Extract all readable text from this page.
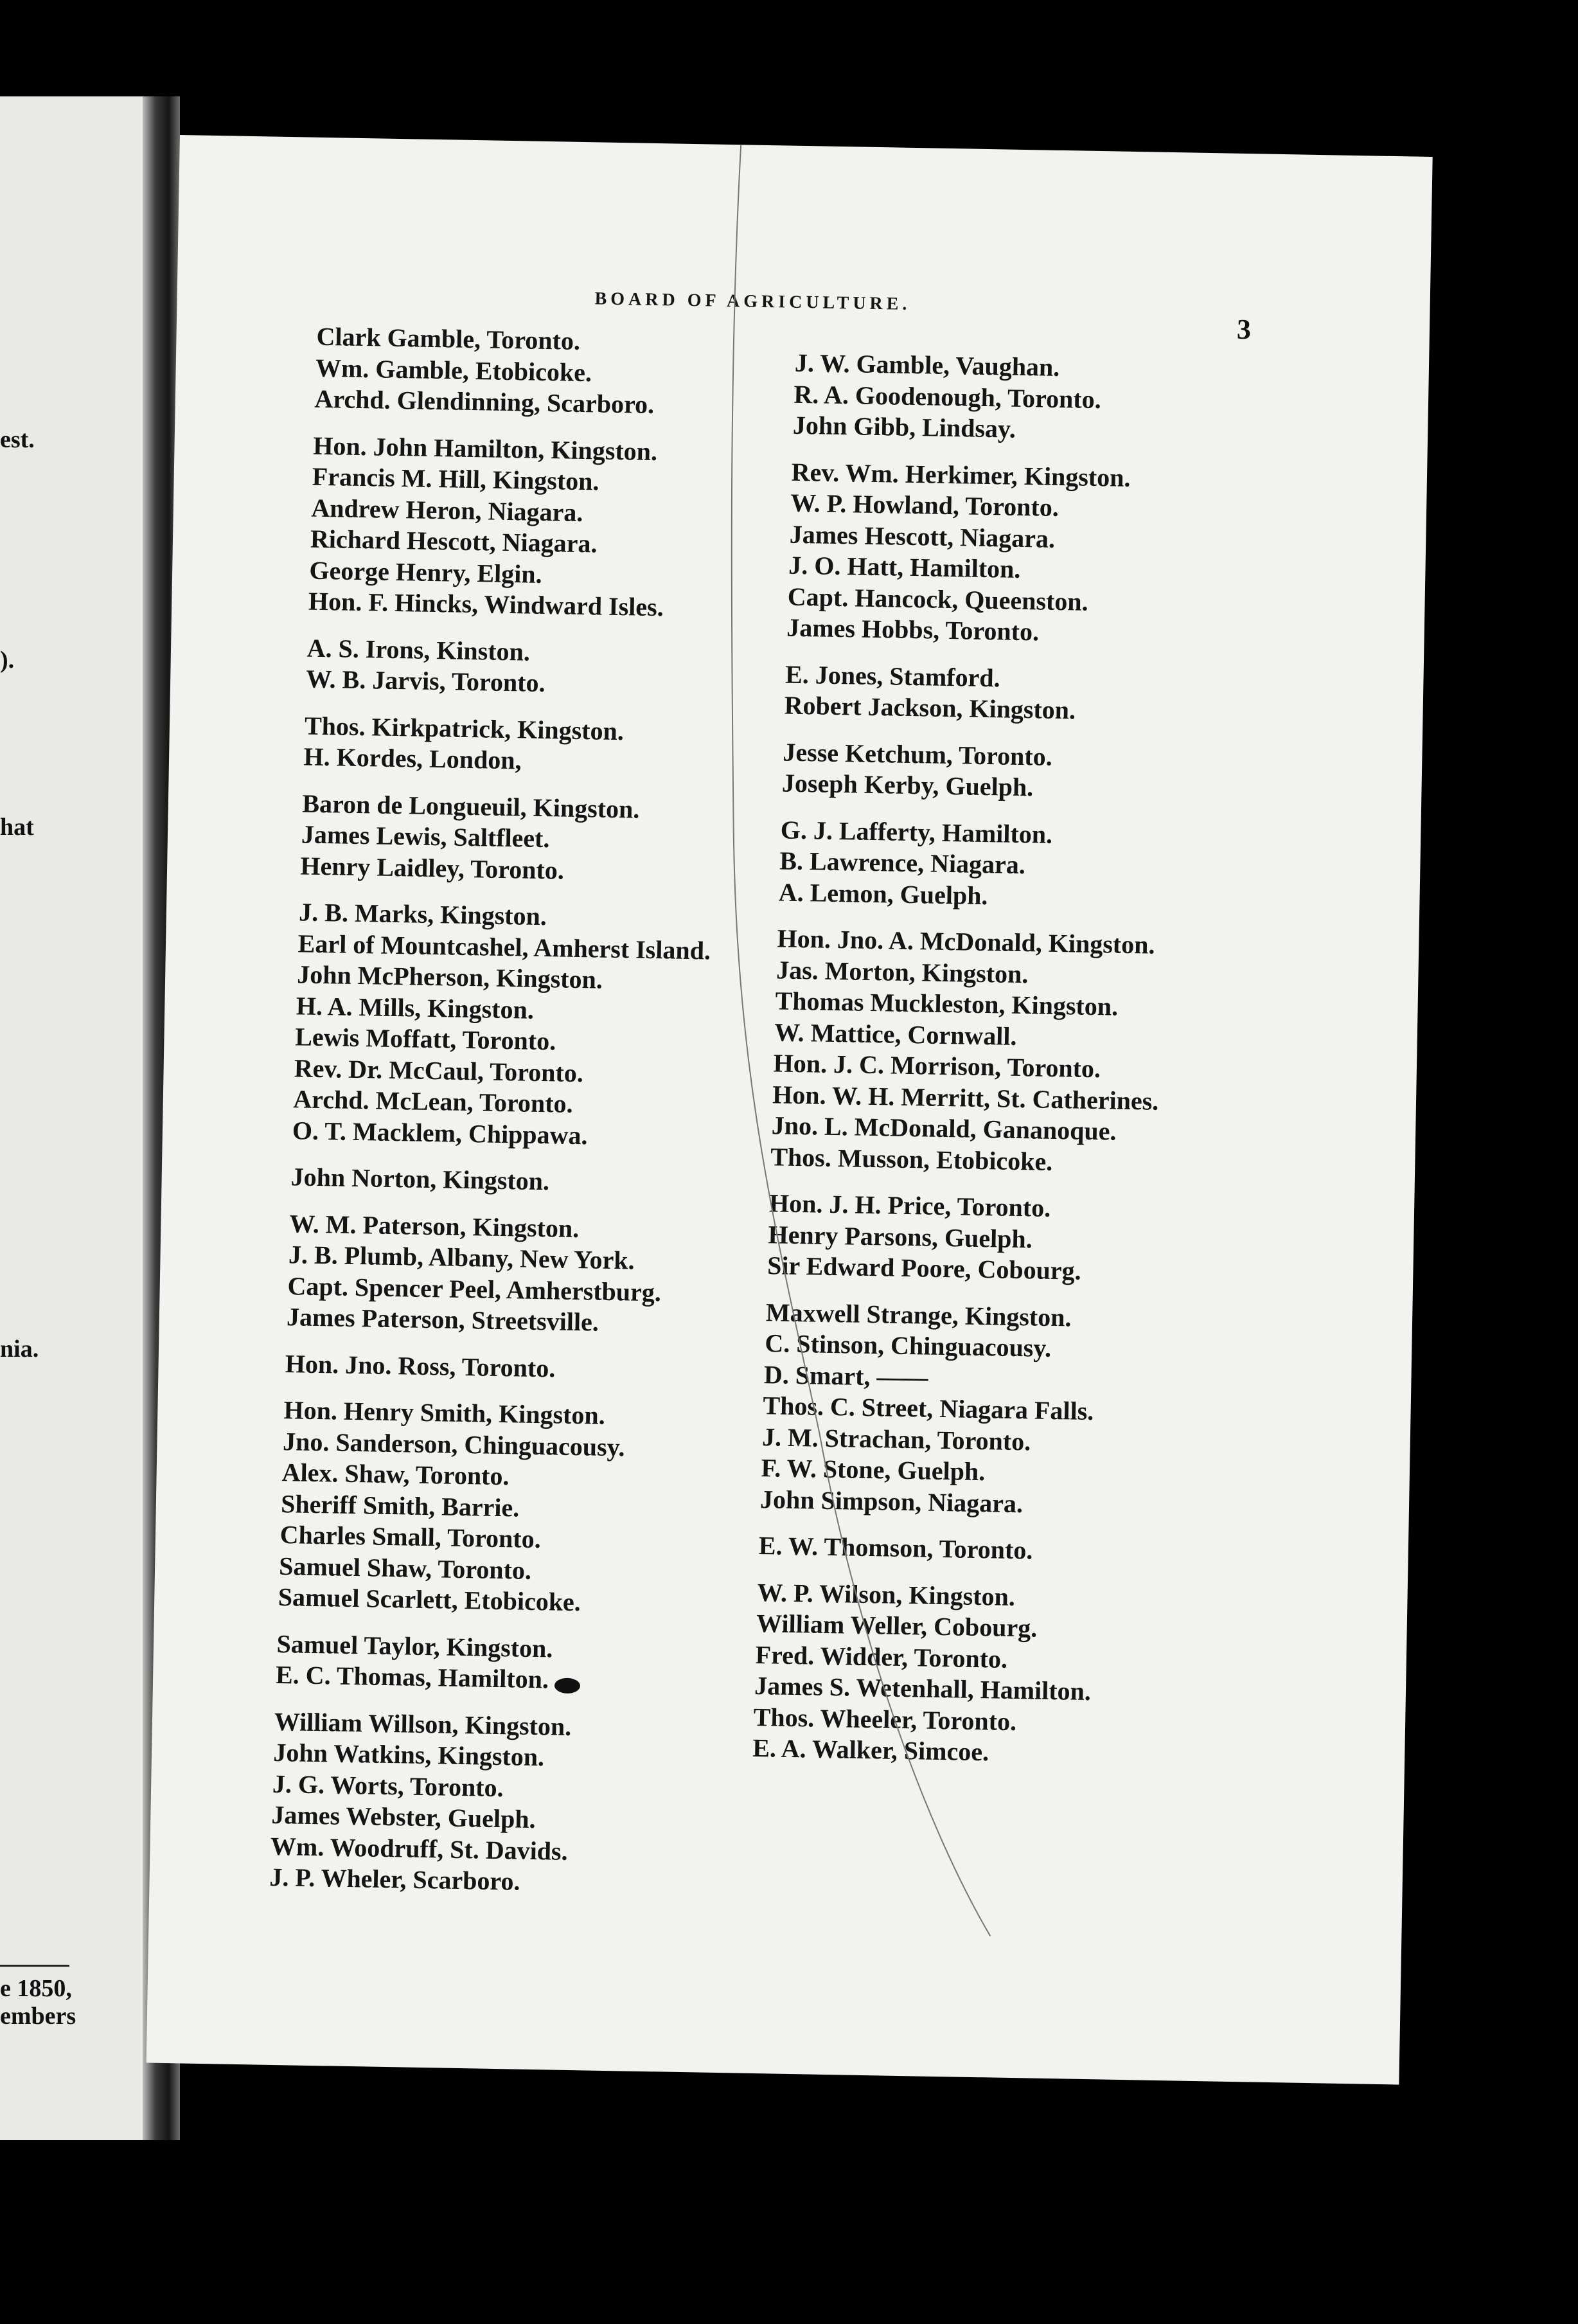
est.
).
hat
nia.
e 1850,
embers
BOARD OF AGRICULTURE.
3
Clark Gamble, Toronto.
Wm. Gamble, Etobicoke.
Archd. Glendinning, Scarboro.
Hon. John Hamilton, Kingston.
Francis M. Hill, Kingston.
Andrew Heron, Niagara.
Richard Hescott, Niagara.
George Henry, Elgin.
Hon. F. Hincks, Windward Isles.
A. S. Irons, Kinston.
W. B. Jarvis, Toronto.
Thos. Kirkpatrick, Kingston.
H. Kordes, London,
Baron de Longueuil, Kingston.
James Lewis, Saltfleet.
Henry Laidley, Toronto.
J. B. Marks, Kingston.
Earl of Mountcashel, Amherst Island.
John McPherson, Kingston.
H. A. Mills, Kingston.
Lewis Moffatt, Toronto.
Rev. Dr. McCaul, Toronto.
Archd. McLean, Toronto.
O. T. Macklem, Chippawa.
John Norton, Kingston.
W. M. Paterson, Kingston.
J. B. Plumb, Albany, New York.
Capt. Spencer Peel, Amherstburg.
James Paterson, Streetsville.
Hon. Jno. Ross, Toronto.
Hon. Henry Smith, Kingston.
Jno. Sanderson, Chinguacousy.
Alex. Shaw, Toronto.
Sheriff Smith, Barrie.
Charles Small, Toronto.
Samuel Shaw, Toronto.
Samuel Scarlett, Etobicoke.
Samuel Taylor, Kingston.
E. C. Thomas, Hamilton.
William Willson, Kingston.
John Watkins, Kingston.
J. G. Worts, Toronto.
James Webster, Guelph.
Wm. Woodruff, St. Davids.
J. P. Wheler, Scarboro.
J. W. Gamble, Vaughan.
R. A. Goodenough, Toronto.
John Gibb, Lindsay.
Rev. Wm. Herkimer, Kingston.
W. P. Howland, Toronto.
James Hescott, Niagara.
J. O. Hatt, Hamilton.
Capt. Hancock, Queenston.
James Hobbs, Toronto.
E. Jones, Stamford.
Robert Jackson, Kingston.
Jesse Ketchum, Toronto.
Joseph Kerby, Guelph.
G. J. Lafferty, Hamilton.
B. Lawrence, Niagara.
A. Lemon, Guelph.
Hon. Jno. A. McDonald, Kingston.
Jas. Morton, Kingston.
Thomas Muckleston, Kingston.
W. Mattice, Cornwall.
Hon. J. C. Morrison, Toronto.
Hon. W. H. Merritt, St. Catherines.
Jno. L. McDonald, Gananoque.
Thos. Musson, Etobicoke.
Hon. J. H. Price, Toronto.
Henry Parsons, Guelph.
Sir Edward Poore, Cobourg.
Maxwell Strange, Kingston.
C. Stinson, Chinguacousy.
D. Smart, ——
Thos. C. Street, Niagara Falls.
J. M. Strachan, Toronto.
F. W. Stone, Guelph.
John Simpson, Niagara.
E. W. Thomson, Toronto.
W. P. Wilson, Kingston.
William Weller, Cobourg.
Fred. Widder, Toronto.
James S. Wetenhall, Hamilton.
Thos. Wheeler, Toronto.
E. A. Walker, Simcoe.
